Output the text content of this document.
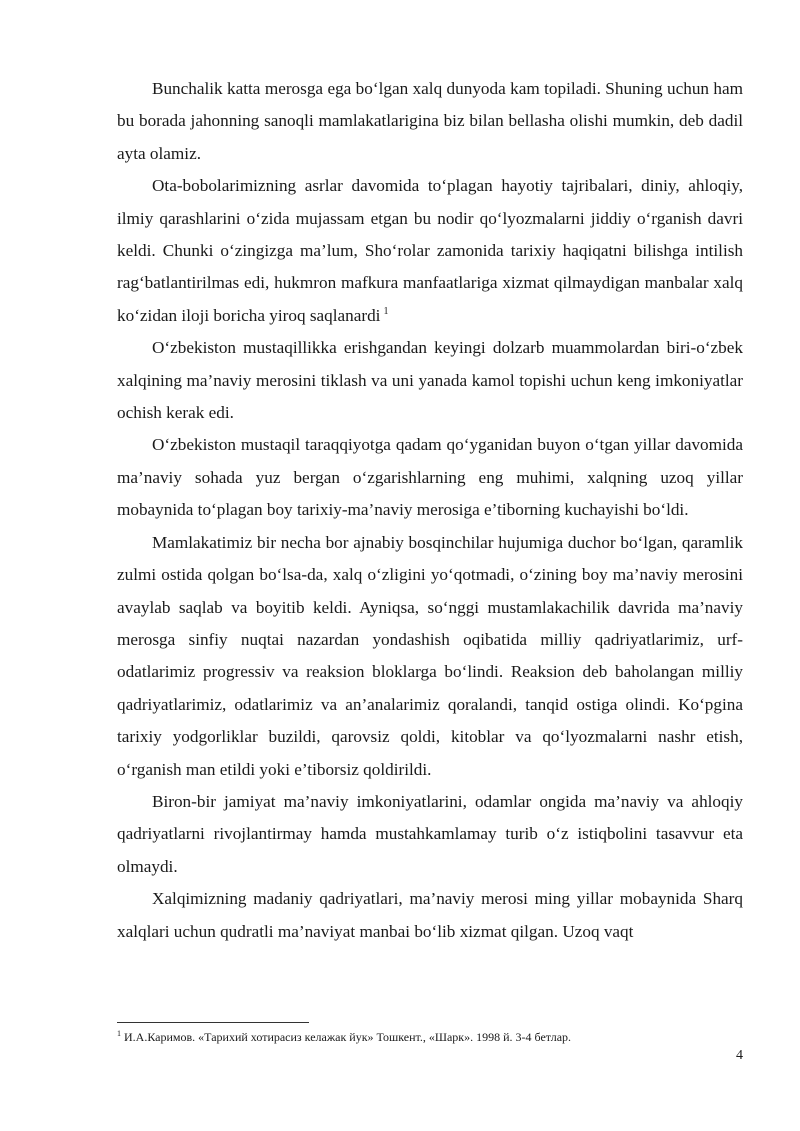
Bunchalik katta merosga ega bo‘lgan xalq dunyoda kam topiladi. Shuning uchun ham bu borada jahonning sanoqli mamlakatlarigina biz bilan bellasha olishi mumkin, deb dadil ayta olamiz.

Ota-bobolarimizning asrlar davomida to‘plagan hayotiy tajribalari, diniy, ahloqiy, ilmiy qarashlarini o‘zida mujassam etgan bu nodir qo‘lyozmalarni jiddiy o‘rganish davri keldi. Chunki o‘zingizga ma’lum, Sho‘rolar zamonida tarixiy haqiqatni bilishga intilish rag‘batlantirilmas edi, hukmron mafkura manfaatlariga xizmat qilmaydigan manbalar xalq ko‘zidan iloji boricha yiroq saqlanardi $^1$

O‘zbekiston mustaqillikka erishgandan keyingi dolzarb muammolardan biri-o‘zbek xalqining ma’naviy merosini tiklash va uni yanada kamol topishi uchun keng imkoniyatlar ochish kerak edi.

O‘zbekiston mustaqil taraqqiyotga qadam qo‘yganidan buyon o‘tgan yillar davomida ma’naviy sohada yuz bergan o‘zgarishlarning eng muhimi, xalqning uzoq yillar mobaynida to‘plagan boy tarixiy-ma’naviy merosiga e’tiborning kuchayishi bo‘ldi.

Mamlakatimiz bir necha bor ajnabiy bosqinchilar hujumiga duchor bo‘lgan, qaramlik zulmi ostida qolgan bo‘lsa-da, xalq o‘zligini yo‘qotmadi, o‘zining boy ma’naviy merosini avaylab saqlab va boyitib keldi. Ayniqsa, so‘nggi mustamlakachilik davrida ma’naviy merosga sinfiy nuqtai nazardan yondashish oqibatida milliy qadriyatlarimiz, urf-odatlarimiz progressiv va reaksion bloklarga bo‘lindi. Reaksion deb baholangan milliy qadriyatlarimiz, odatlarimiz va an’analarimiz qoralandi, tanqid ostiga olindi. Ko‘pgina tarixiy yodgorliklar buzildi, qarovsiz qoldi, kitoblar va qo‘lyozmalarni nashr etish, o‘rganish man etildi yoki e’tiborsiz qoldirildi.

Biron-bir jamiyat ma’naviy imkoniyatlarini, odamlar ongida ma’naviy va ahloqiy qadriyatlarni rivojlantirmay hamda mustahkamlamay turib o‘z istiqbolini tasavvur eta olmaydi.

Xalqimizning madaniy qadriyatlari, ma’naviy merosi ming yillar mobaynida Sharq xalqlari uchun qudratli ma’naviyat manbai bo‘lib xizmat qilgan. Uzoq vaqt

$^1$ И.А.Каримов. «Тарихий хотирасиз келажак йук» Тошкент., «Шарк». 1998 й. 3-4 бетлар.

4
